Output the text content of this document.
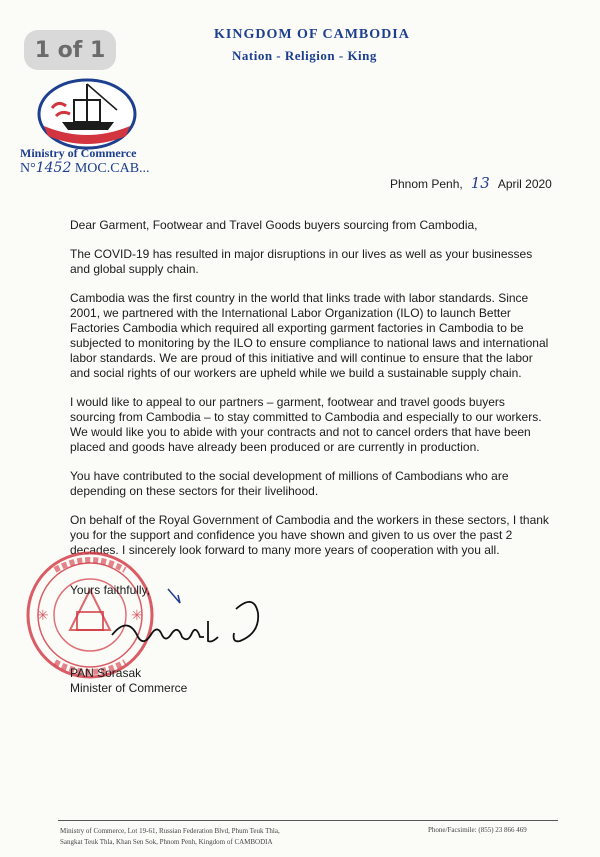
1 of 1
Ministry of Commerce
N°1452 MOC.CAB...
KINGDOM OF CAMBODIA
Nation - Religion - King
Phnom Penh, 13 April 2020

Dear Garment, Footwear and Travel Goods buyers sourcing from Cambodia,

The COVID-19 has resulted in major disruptions in our lives as well as your businesses and global supply chain.

Cambodia was the first country in the world that links trade with labor standards. Since 2001, we partnered with the International Labor Organization (ILO) to launch Better Factories Cambodia which required all exporting garment factories in Cambodia to be subjected to monitoring by the ILO to ensure compliance to national laws and international labor standards. We are proud of this initiative and will continue to ensure that the labor and social rights of our workers are upheld while we build a sustainable supply chain.

I would like to appeal to our partners – garment, footwear and travel goods buyers sourcing from Cambodia – to stay committed to Cambodia and especially to our workers. We would like you to abide with your contracts and not to cancel orders that have been placed and goods have already been produced or are currently in production.

You have contributed to the social development of millions of Cambodians who are depending on these sectors for their livelihood.

On behalf of the Royal Government of Cambodia and the workers in these sectors, I thank you for the support and confidence you have shown and given to us over the past 2 decades. I sincerely look forward to many more years of cooperation with you all.

✳	✳
Yours faithfully,
PAN Sorasak
Minister of Commerce
Ministry of Commerce, Lot 19-61, Russian Federation Blvd, Phum Teuk Thla,
Sangkat Teuk Thla, Khan Sen Sok, Phnom Penh, Kingdom of CAMBODIA
Phone/Facsimile: (855) 23 866 469
